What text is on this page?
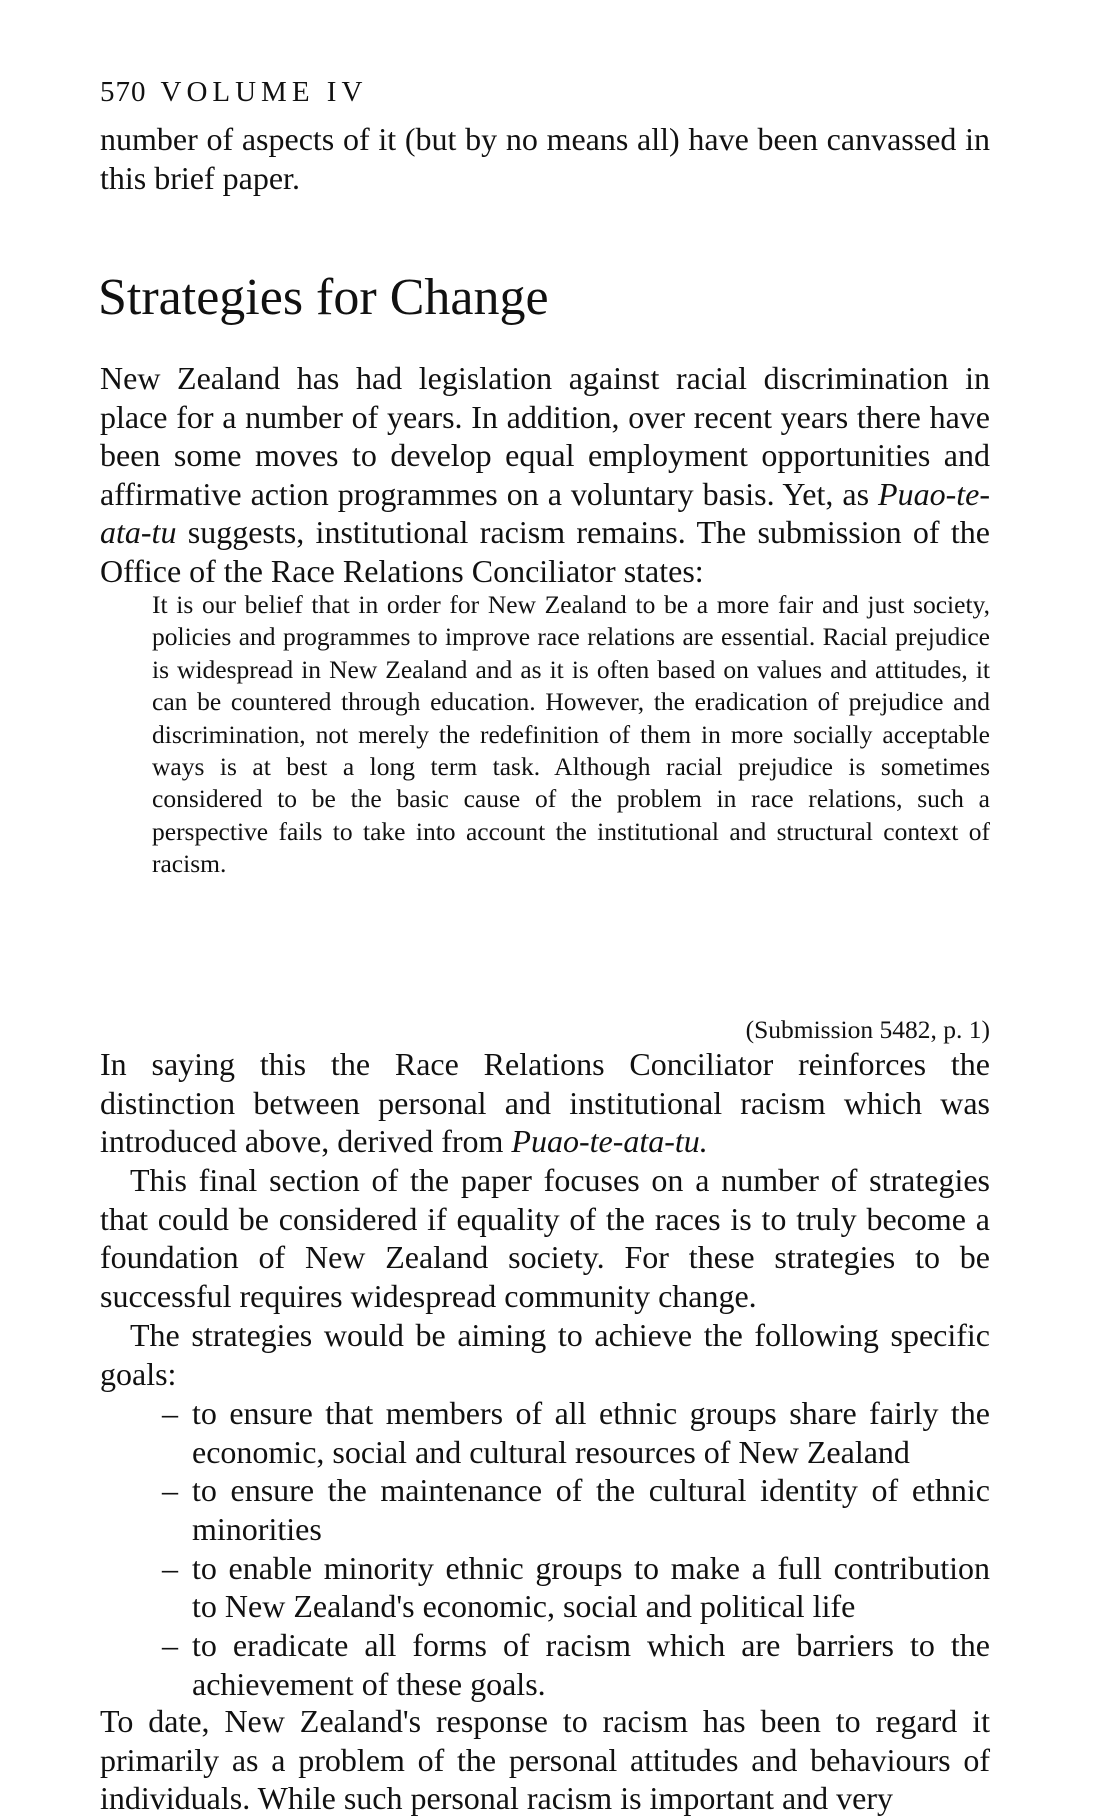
570 VOLUME IV

number of aspects of it (but by no means all) have been canvassed in this brief paper.

Strategies for Change

New Zealand has had legislation against racial discrimination in place for a number of years. In addition, over recent years there have been some moves to develop equal employment opportunities and affirmative action programmes on a voluntary basis. Yet, as Puao-te-ata-tu suggests, institutional racism remains. The submission of the Office of the Race Relations Conciliator states:

It is our belief that in order for New Zealand to be a more fair and just society, policies and programmes to improve race relations are essential. Racial prejudice is widespread in New Zealand and as it is often based on values and attitudes, it can be countered through education. However, the eradication of prejudice and discrimination, not merely the redefinition of them in more socially acceptable ways is at best a long term task. Although racial prejudice is sometimes considered to be the basic cause of the problem in race relations, such a perspective fails to take into account the institutional and structural context of racism.

(Submission 5482, p. 1)

In saying this the Race Relations Conciliator reinforces the distinction between personal and institutional racism which was introduced above, derived from Puao-te-ata-tu.

This final section of the paper focuses on a number of strategies that could be considered if equality of the races is to truly become a foundation of New Zealand society. For these strategies to be successful requires widespread community change.

The strategies would be aiming to achieve the following specific goals:

– to ensure that members of all ethnic groups share fairly the economic, social and cultural resources of New Zealand
– to ensure the maintenance of the cultural identity of ethnic minorities
– to enable minority ethnic groups to make a full contribution to New Zealand's economic, social and political life
– to eradicate all forms of racism which are barriers to the achievement of these goals.

To date, New Zealand's response to racism has been to regard it primarily as a problem of the personal attitudes and behaviours of individuals. While such personal racism is important and very
